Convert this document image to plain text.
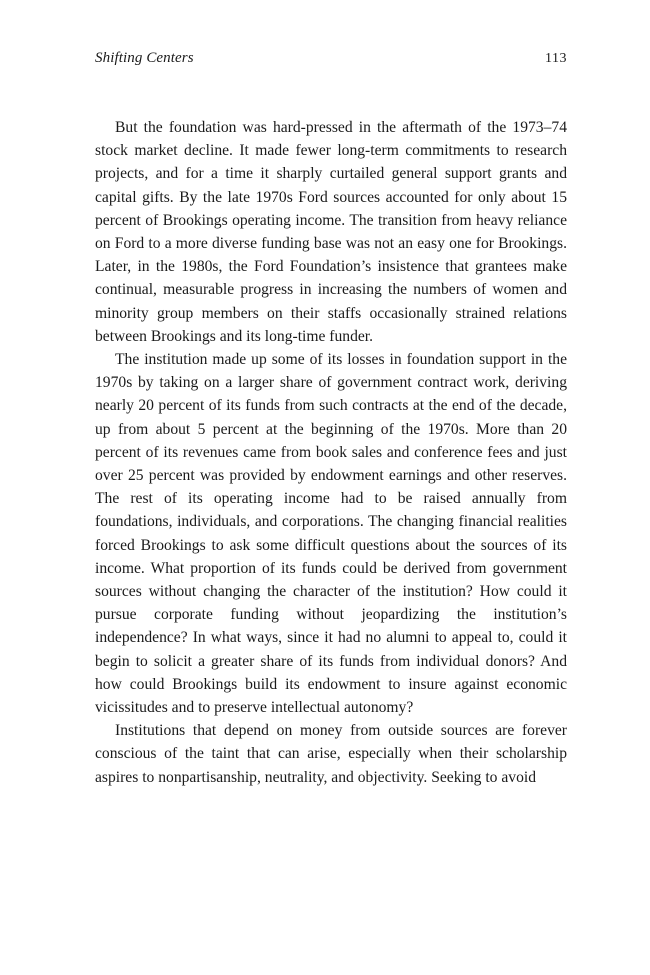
Shifting Centers	113

But the foundation was hard-pressed in the aftermath of the 1973–74 stock market decline. It made fewer long-term commitments to research projects, and for a time it sharply curtailed general support grants and capital gifts. By the late 1970s Ford sources accounted for only about 15 percent of Brookings operating income. The transition from heavy reliance on Ford to a more diverse funding base was not an easy one for Brookings. Later, in the 1980s, the Ford Foundation’s insistence that grantees make continual, measurable progress in increasing the numbers of women and minority group members on their staffs occasionally strained relations between Brookings and its long-time funder.

The institution made up some of its losses in foundation support in the 1970s by taking on a larger share of government contract work, deriving nearly 20 percent of its funds from such contracts at the end of the decade, up from about 5 percent at the beginning of the 1970s. More than 20 percent of its revenues came from book sales and conference fees and just over 25 percent was provided by endowment earnings and other reserves. The rest of its operating income had to be raised annually from foundations, individuals, and corporations. The changing financial realities forced Brookings to ask some difficult questions about the sources of its income. What proportion of its funds could be derived from government sources without changing the character of the institution? How could it pursue corporate funding without jeopardizing the institution’s independence? In what ways, since it had no alumni to appeal to, could it begin to solicit a greater share of its funds from individual donors? And how could Brookings build its endowment to insure against economic vicissitudes and to preserve intellectual autonomy?

Institutions that depend on money from outside sources are forever conscious of the taint that can arise, especially when their scholarship aspires to nonpartisanship, neutrality, and objectivity. Seeking to avoid
